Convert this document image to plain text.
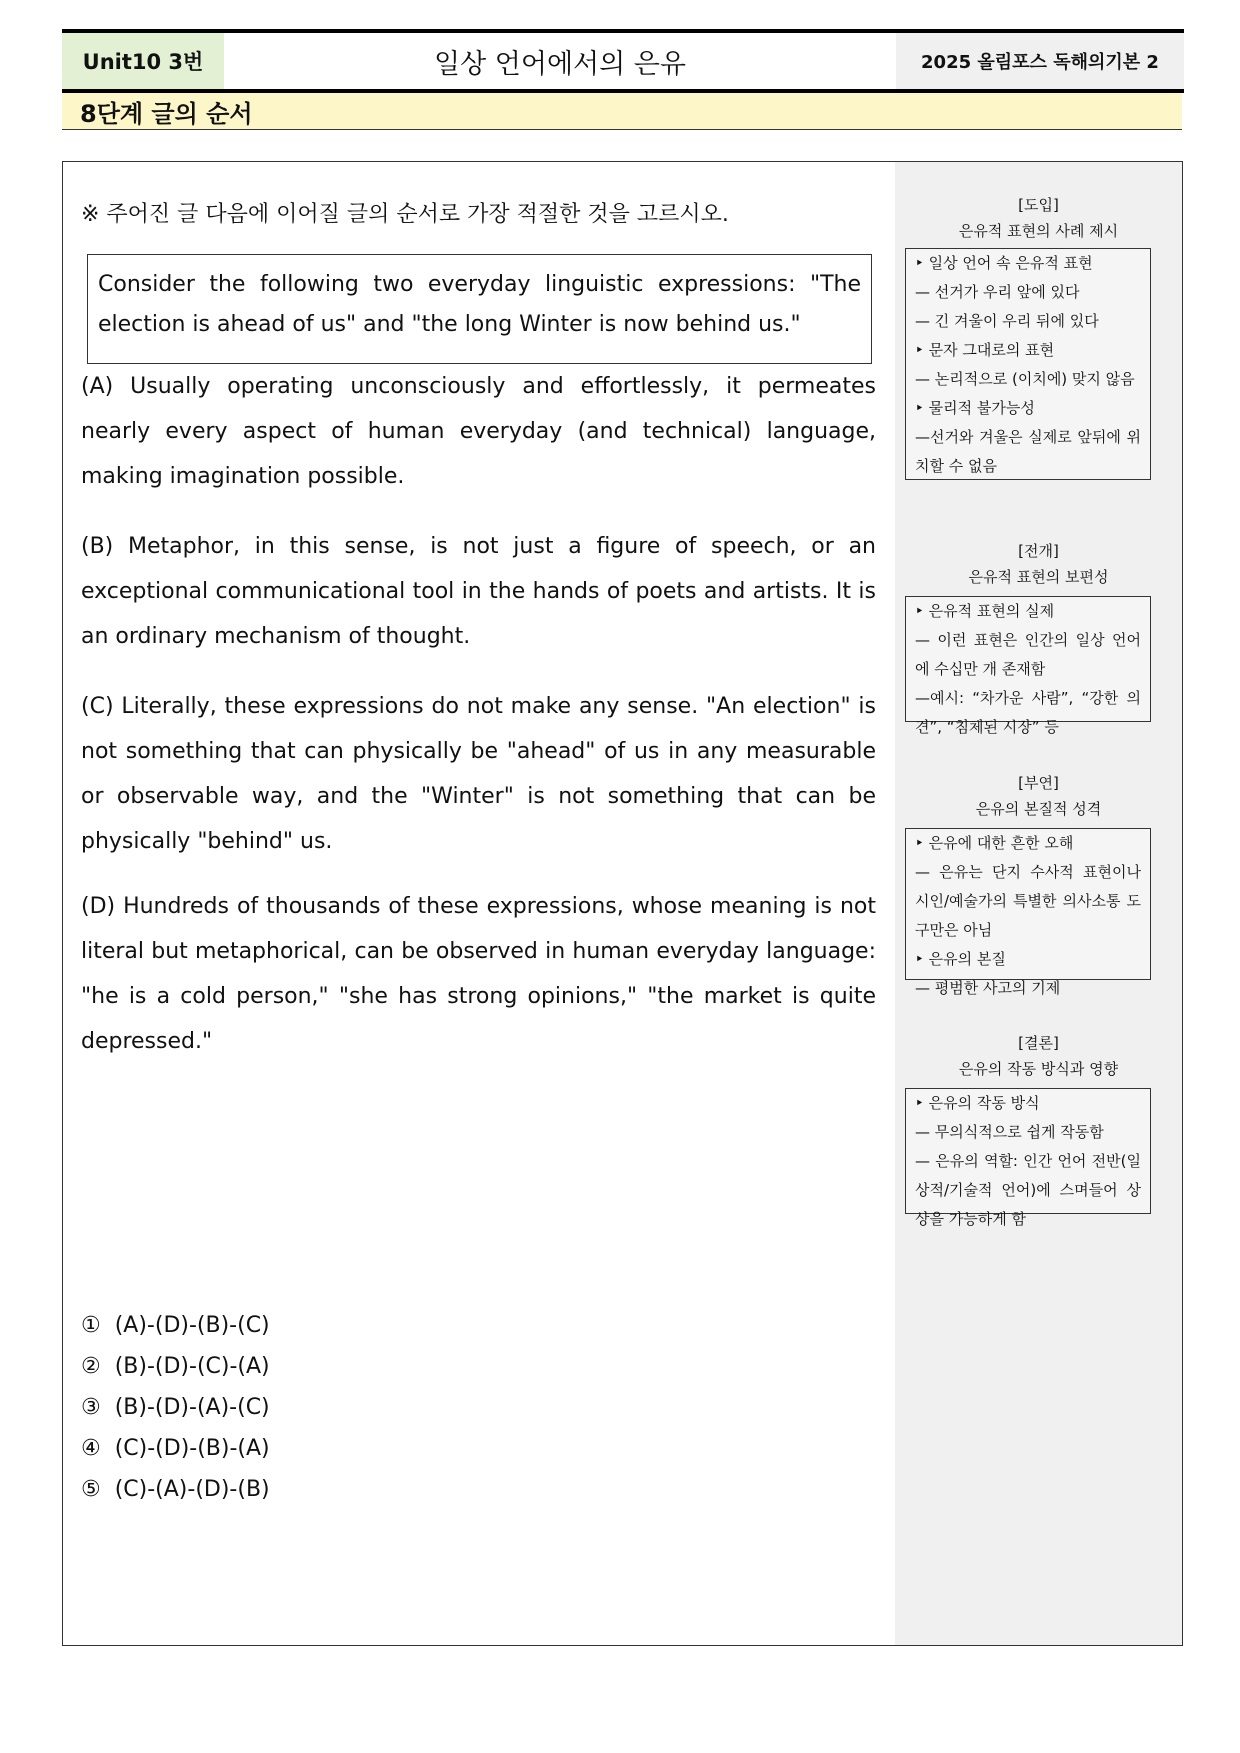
Unit10 3번	일상 언어에서의 은유	2025 올림포스 독해의기본 2
8단계 글의 순서
※ 주어진 글 다음에 이어질 글의 순서로 가장 적절한 것을 고르시오.
Consider the following two everyday linguistic expressions: "The election is ahead of us" and "the long Winter is now behind us."
(A) Usually operating unconsciously and effortlessly, it permeates nearly every aspect of human everyday (and technical) language, making imagination possible.
(B) Metaphor, in this sense, is not just a figure of speech, or an exceptional communicational tool in the hands of poets and artists. It is an ordinary mechanism of thought.
(C) Literally, these expressions do not make any sense. "An election" is not something that can physically be "ahead" of us in any measurable or observable way, and the "Winter" is not something that can be physically "behind" us.
(D) Hundreds of thousands of these expressions, whose meaning is not literal but metaphorical, can be observed in human everyday language: "he is a cold person," "she has strong opinions," "the market is quite depressed."
①  (A)-(D)-(B)-(C)
②  (B)-(D)-(C)-(A)
③  (B)-(D)-(A)-(C)
④  (C)-(D)-(B)-(A)
⑤  (C)-(A)-(D)-(B)
[도입]
은유적 표현의 사례 제시
‣ 일상 언어 속 은유적 표현
— 선거가 우리 앞에 있다
— 긴 겨울이 우리 뒤에 있다
‣ 문자 그대로의 표현
— 논리적으로 (이치에) 맞지 않음
‣ 물리적 불가능성
—선거와 겨울은 실제로 앞뒤에 위치할 수 없음
[전개]
은유적 표현의 보편성
‣ 은유적 표현의 실제
— 이런 표현은 인간의 일상 언어에 수십만 개 존재함
—예시: “차가운 사람”, “강한 의견”, “침체된 시장” 등
[부연]
은유의 본질적 성격
‣ 은유에 대한 흔한 오해
— 은유는 단지 수사적 표현이나 시인/예술가의 특별한 의사소통 도구만은 아님
‣ 은유의 본질
— 평범한 사고의 기제
[결론]
은유의 작동 방식과 영향
‣ 은유의 작동 방식
— 무의식적으로 쉽게 작동함
— 은유의 역할: 인간 언어 전반(일상적/기술적 언어)에 스며들어 상상을 가능하게 함
